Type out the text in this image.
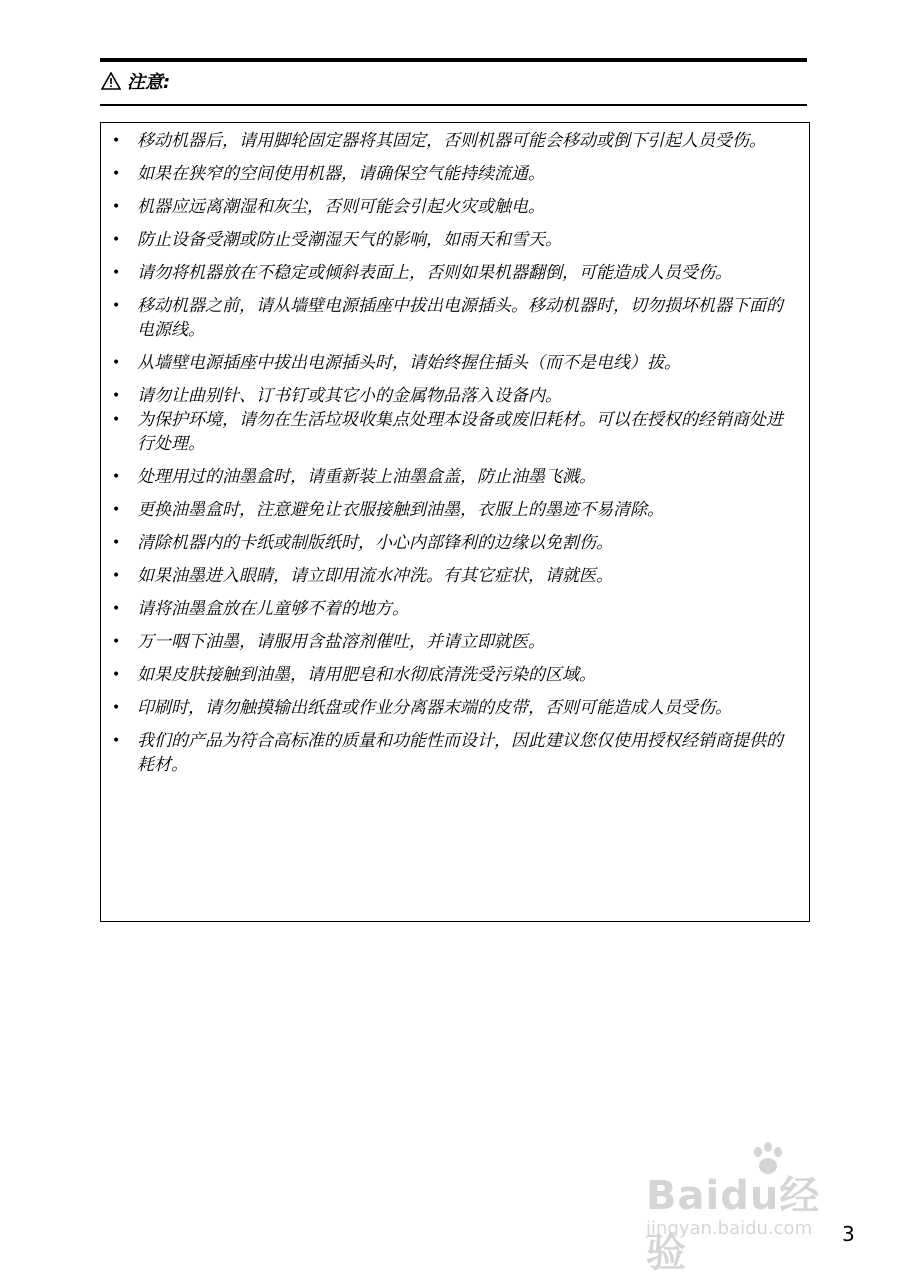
注意:
• 移动机器后，请用脚轮固定器将其固定，否则机器可能会移动或倒下引起人员受伤。
• 如果在狭窄的空间使用机器，请确保空气能持续流通。
• 机器应远离潮湿和灰尘，否则可能会引起火灾或触电。
• 防止设备受潮或防止受潮湿天气的影响，如雨天和雪天。
• 请勿将机器放在不稳定或倾斜表面上，否则如果机器翻倒，可能造成人员受伤。
• 移动机器之前，请从墙壁电源插座中拔出电源插头。移动机器时，切勿损坏机器下面的电源线。
• 从墙壁电源插座中拔出电源插头时，请始终握住插头（而不是电线）拔。
• 请勿让曲别针、订书钉或其它小的金属物品落入设备内。
• 为保护环境，请勿在生活垃圾收集点处理本设备或废旧耗材。可以在授权的经销商处进行处理。
• 处理用过的油墨盒时，请重新装上油墨盒盖，防止油墨飞溅。
• 更换油墨盒时，注意避免让衣服接触到油墨，衣服上的墨迹不易清除。
• 清除机器内的卡纸或制版纸时，小心内部锋利的边缘以免割伤。
• 如果油墨进入眼睛，请立即用流水冲洗。有其它症状，请就医。
• 请将油墨盒放在儿童够不着的地方。
• 万一咽下油墨，请服用含盐溶剂催吐，并请立即就医。
• 如果皮肤接触到油墨，请用肥皂和水彻底清洗受污染的区域。
• 印刷时，请勿触摸输出纸盘或作业分离器末端的皮带，否则可能造成人员受伤。
• 我们的产品为符合高标准的质量和功能性而设计，因此建议您仅使用授权经销商提供的耗材。
Baidu经验
jingyan.baidu.com 3
